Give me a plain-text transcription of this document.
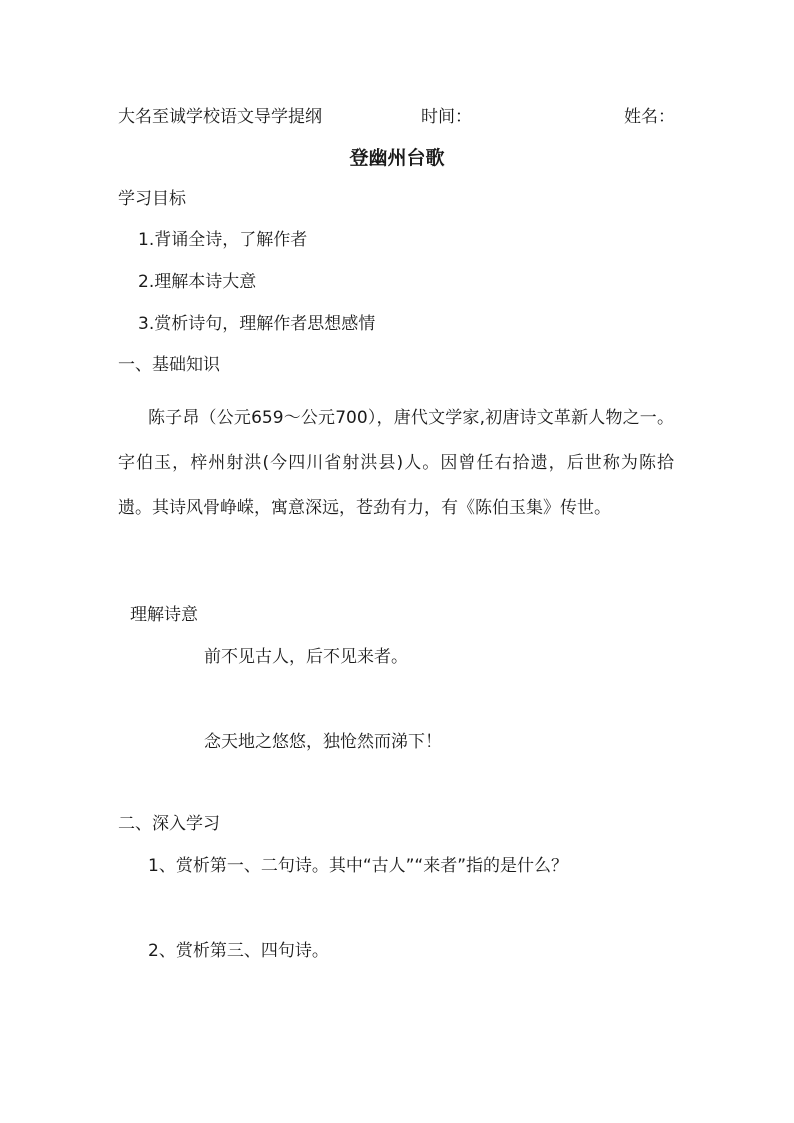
大名至诚学校语文导学提纲	时间：	姓名：
登幽州台歌
学习目标
1.背诵全诗，了解作者
2.理解本诗大意
3.赏析诗句，理解作者思想感情
一、基础知识
陈子昂（公元659～公元700），唐代文学家,初唐诗文革新人物之一。字伯玉，梓州射洪(今四川省射洪县)人。因曾任右拾遗，后世称为陈拾遗。其诗风骨峥嵘，寓意深远，苍劲有力，有《陈伯玉集》传世。
理解诗意
前不见古人，后不见来者。
念天地之悠悠，独怆然而涕下！
二、深入学习
1、赏析第一、二句诗。其中“古人”“来者”指的是什么？
2、赏析第三、四句诗。
